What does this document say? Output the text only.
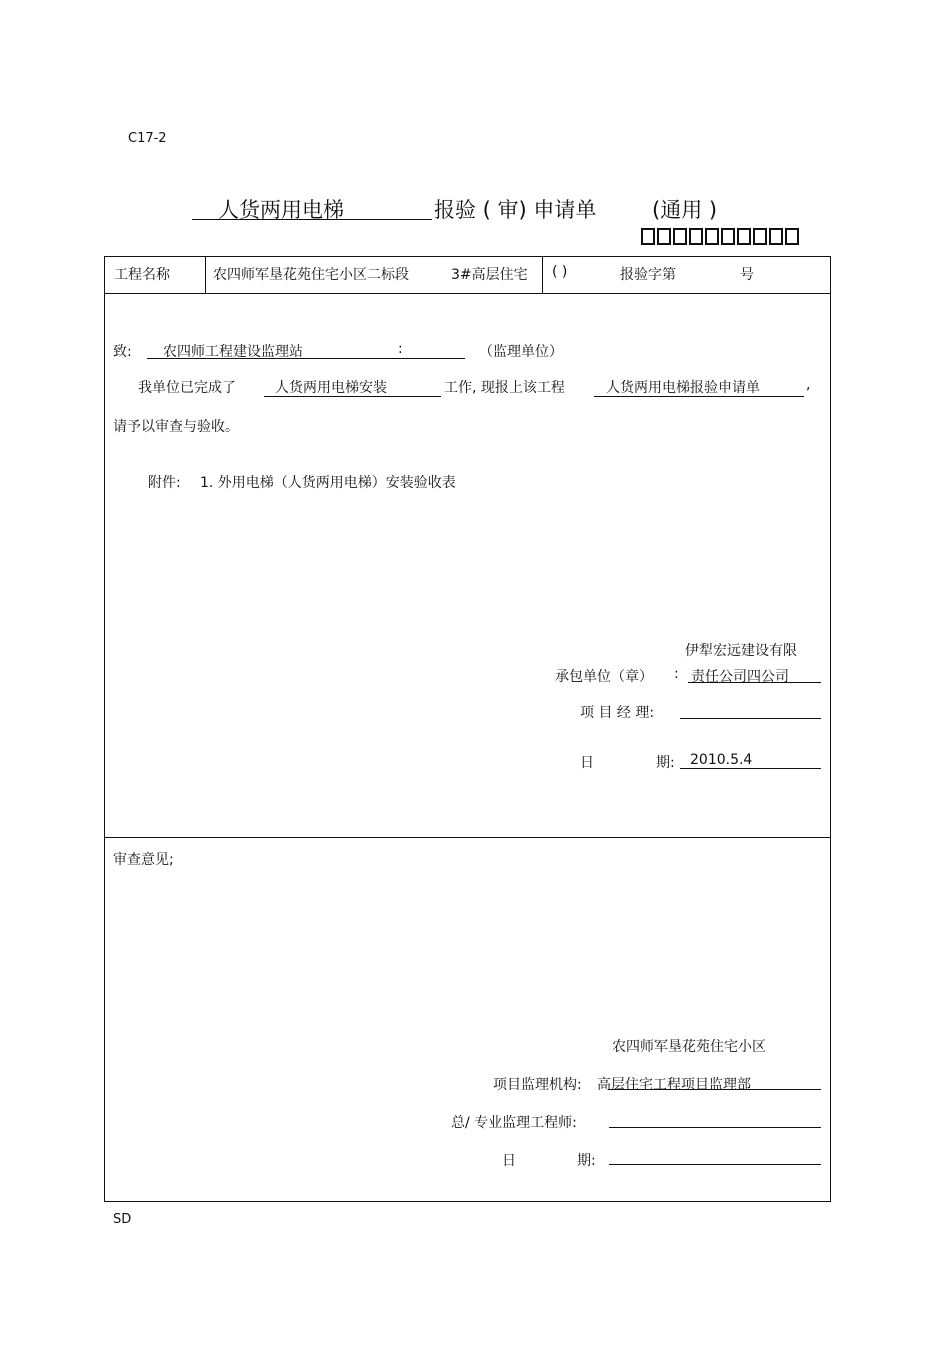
C17-2
人货两用电梯	报验 ( 审) 申请单	(通用 )
工程名称	农四师军垦花苑住宅小区二标段	3#高层住宅 ( )	报验字第	号
致: 农四师工程建设监理站	:	（监理单位）
我单位已完成了	人货两用电梯安装	工作, 现报上该工程	人货两用电梯报验申请单	,
请予以审查与验收。
附件: 1. 外用电梯（人货两用电梯）安装验收表
伊犁宏远建设有限
承包单位（章） : 责任公司四公司
项 目 经 理:
日	期: 2010.5.4
审查意见;
农四师军垦花苑住宅小区
项目监理机构: 高层住宅工程项目监理部
总/ 专业监理工程师:
日	期:
SD
